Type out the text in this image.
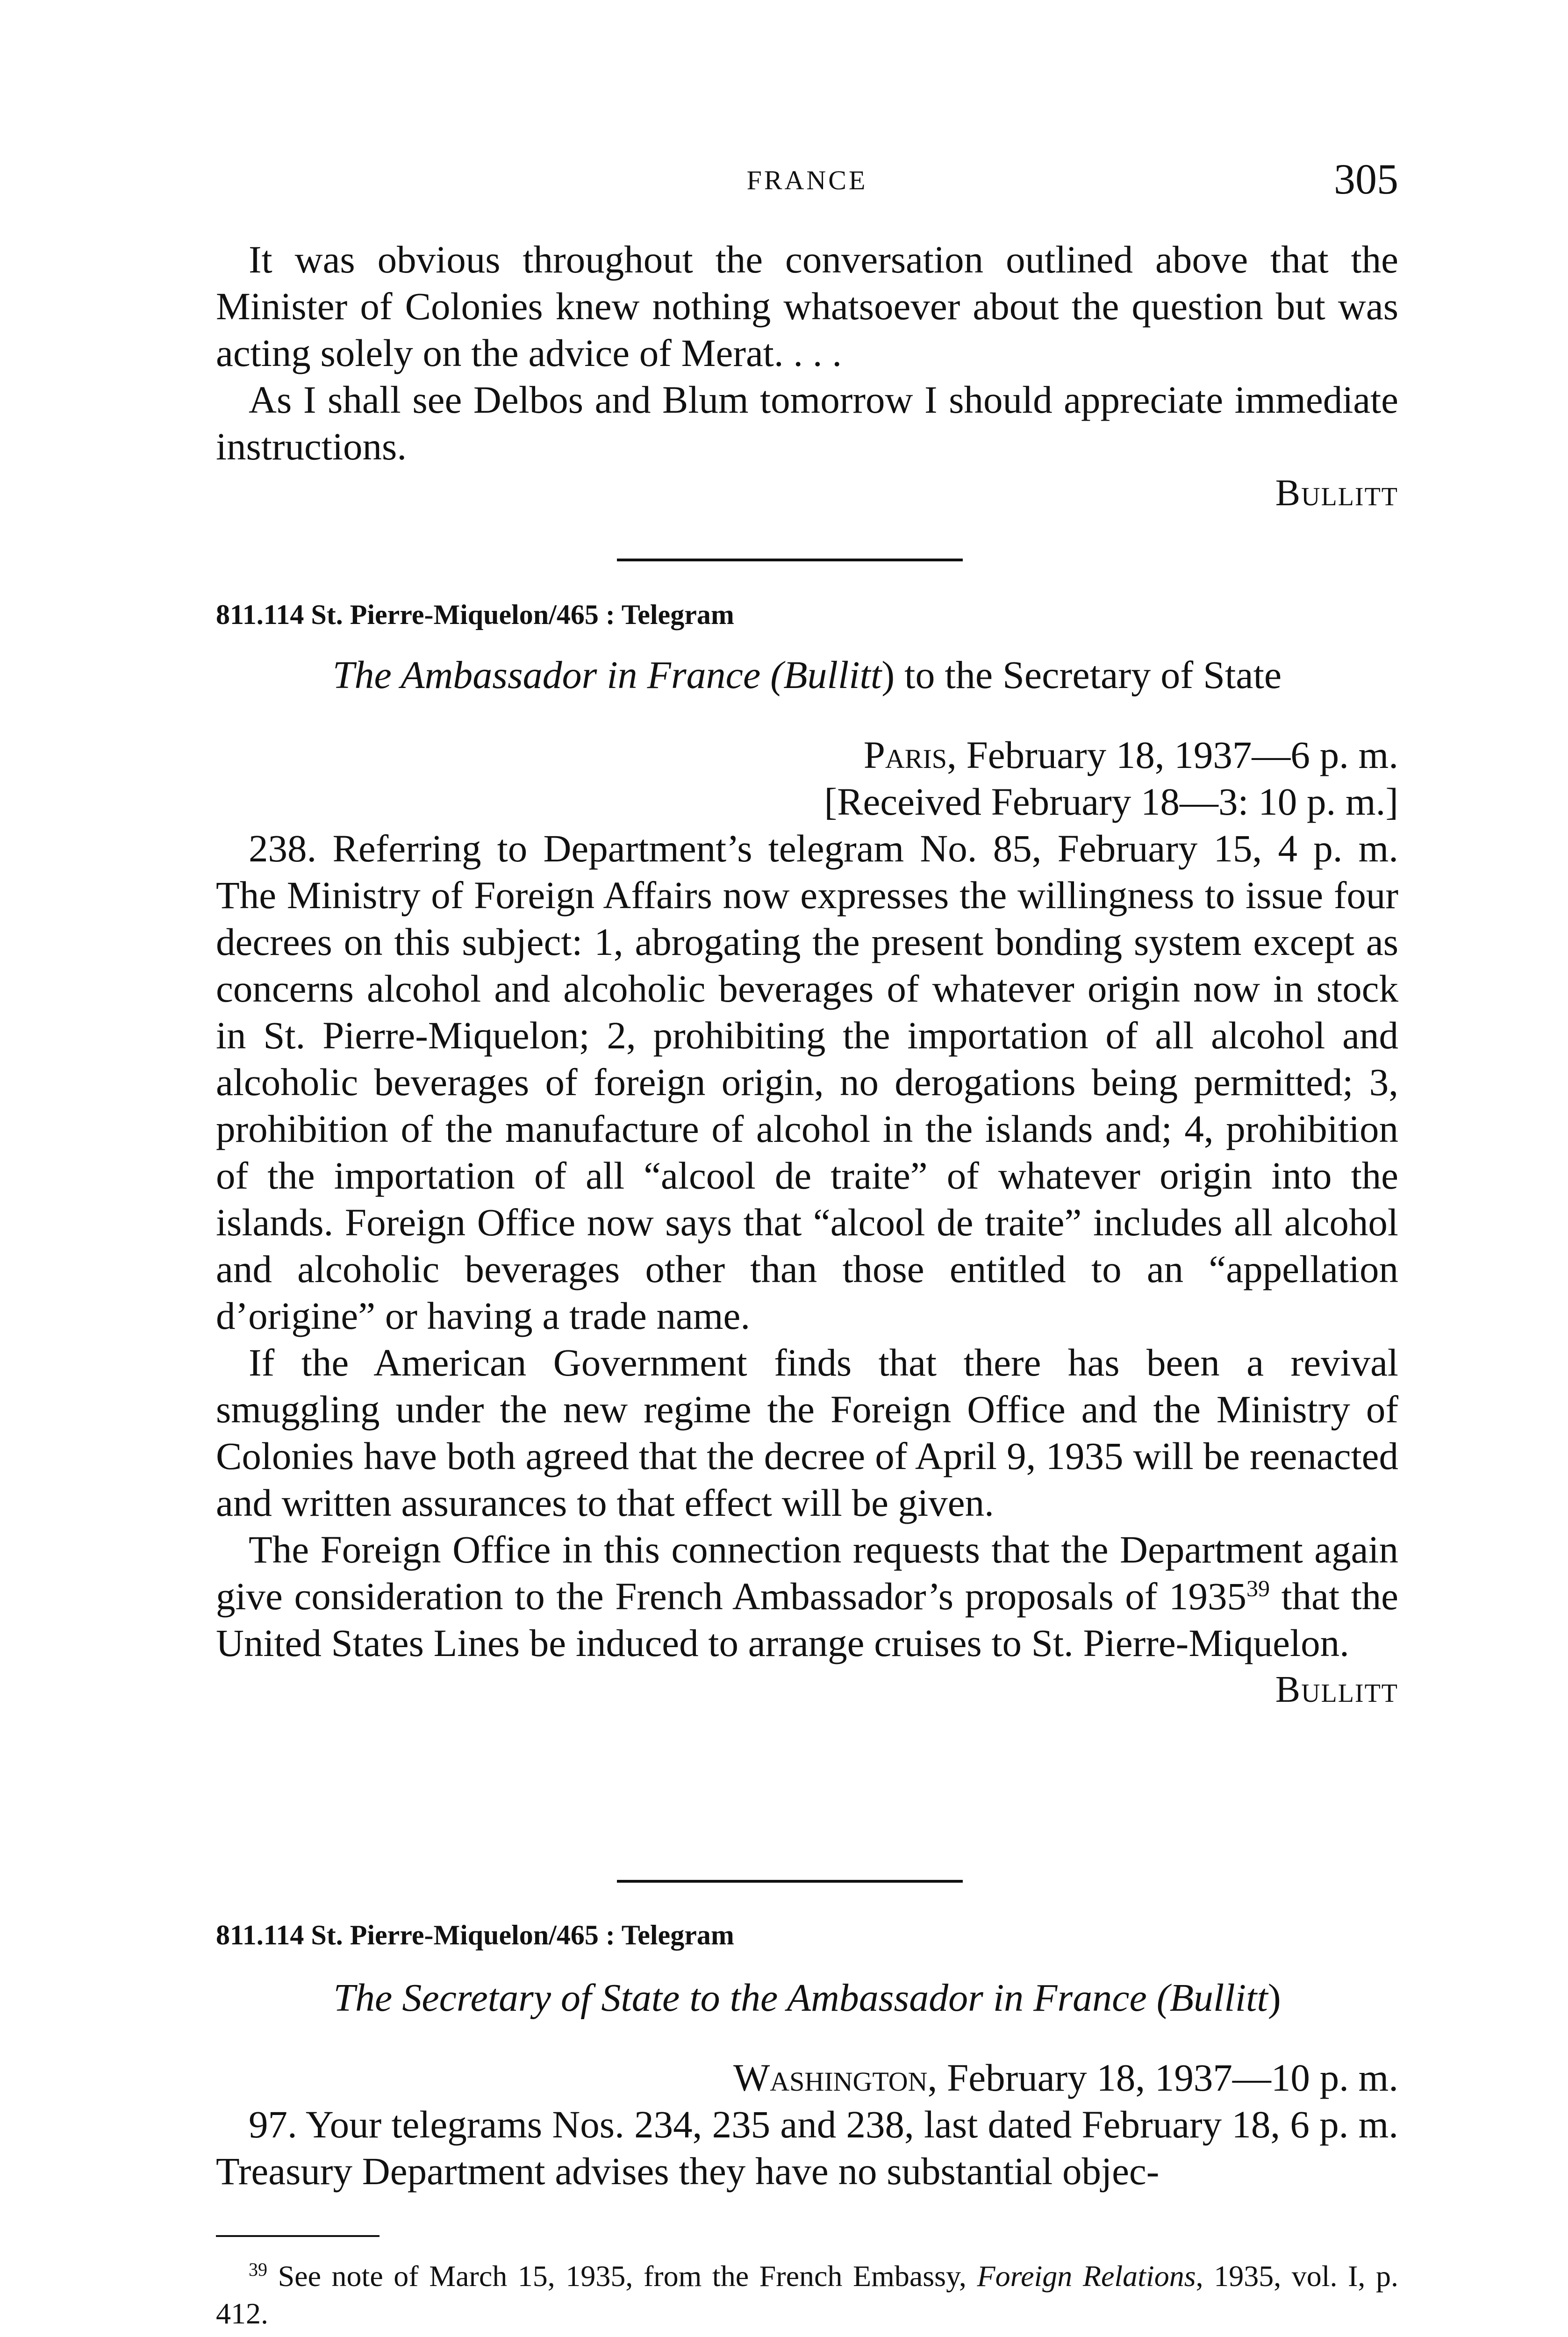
FRANCE	305

It was obvious throughout the conversation outlined above that the Minister of Colonies knew nothing whatsoever about the question but was acting solely on the advice of Merat. . . .

As I shall see Delbos and Blum tomorrow I should appreciate immediate instructions.

Bullitt
811.114 St. Pierre-Miquelon/465 : Telegram
The Ambassador in France (Bullitt) to the Secretary of State
Paris, February 18, 1937—6 p. m.
[Received February 18—3: 10 p. m.]

238. Referring to Department’s telegram No. 85, February 15, 4 p. m. The Ministry of Foreign Affairs now expresses the willingness to issue four decrees on this subject: 1, abrogating the present bonding system except as concerns alcohol and alcoholic beverages of whatever origin now in stock in St. Pierre-Miquelon; 2, prohibiting the importation of all alcohol and alcoholic beverages of foreign origin, no derogations being permitted; 3, prohibition of the manufacture of alcohol in the islands and; 4, prohibition of the importation of all “alcool de traite” of whatever origin into the islands. Foreign Office now says that “alcool de traite” includes all alcohol and alcoholic beverages other than those entitled to an “appellation d’origine” or having a trade name.

If the American Government finds that there has been a revival smuggling under the new regime the Foreign Office and the Ministry of Colonies have both agreed that the decree of April 9, 1935 will be reenacted and written assurances to that effect will be given.

The Foreign Office in this connection requests that the Department again give consideration to the French Ambassador’s proposals of 1935$^{39}$ that the United States Lines be induced to arrange cruises to St. Pierre-Miquelon.

Bullitt
811.114 St. Pierre-Miquelon/465 : Telegram
The Secretary of State to the Ambassador in France (Bullitt)
Washington, February 18, 1937—10 p. m.

97. Your telegrams Nos. 234, 235 and 238, last dated February 18, 6 p. m. Treasury Department advises they have no substantial objec-

$^{39}$ See note of March 15, 1935, from the French Embassy, Foreign Relations, 1935, vol. I, p. 412.
